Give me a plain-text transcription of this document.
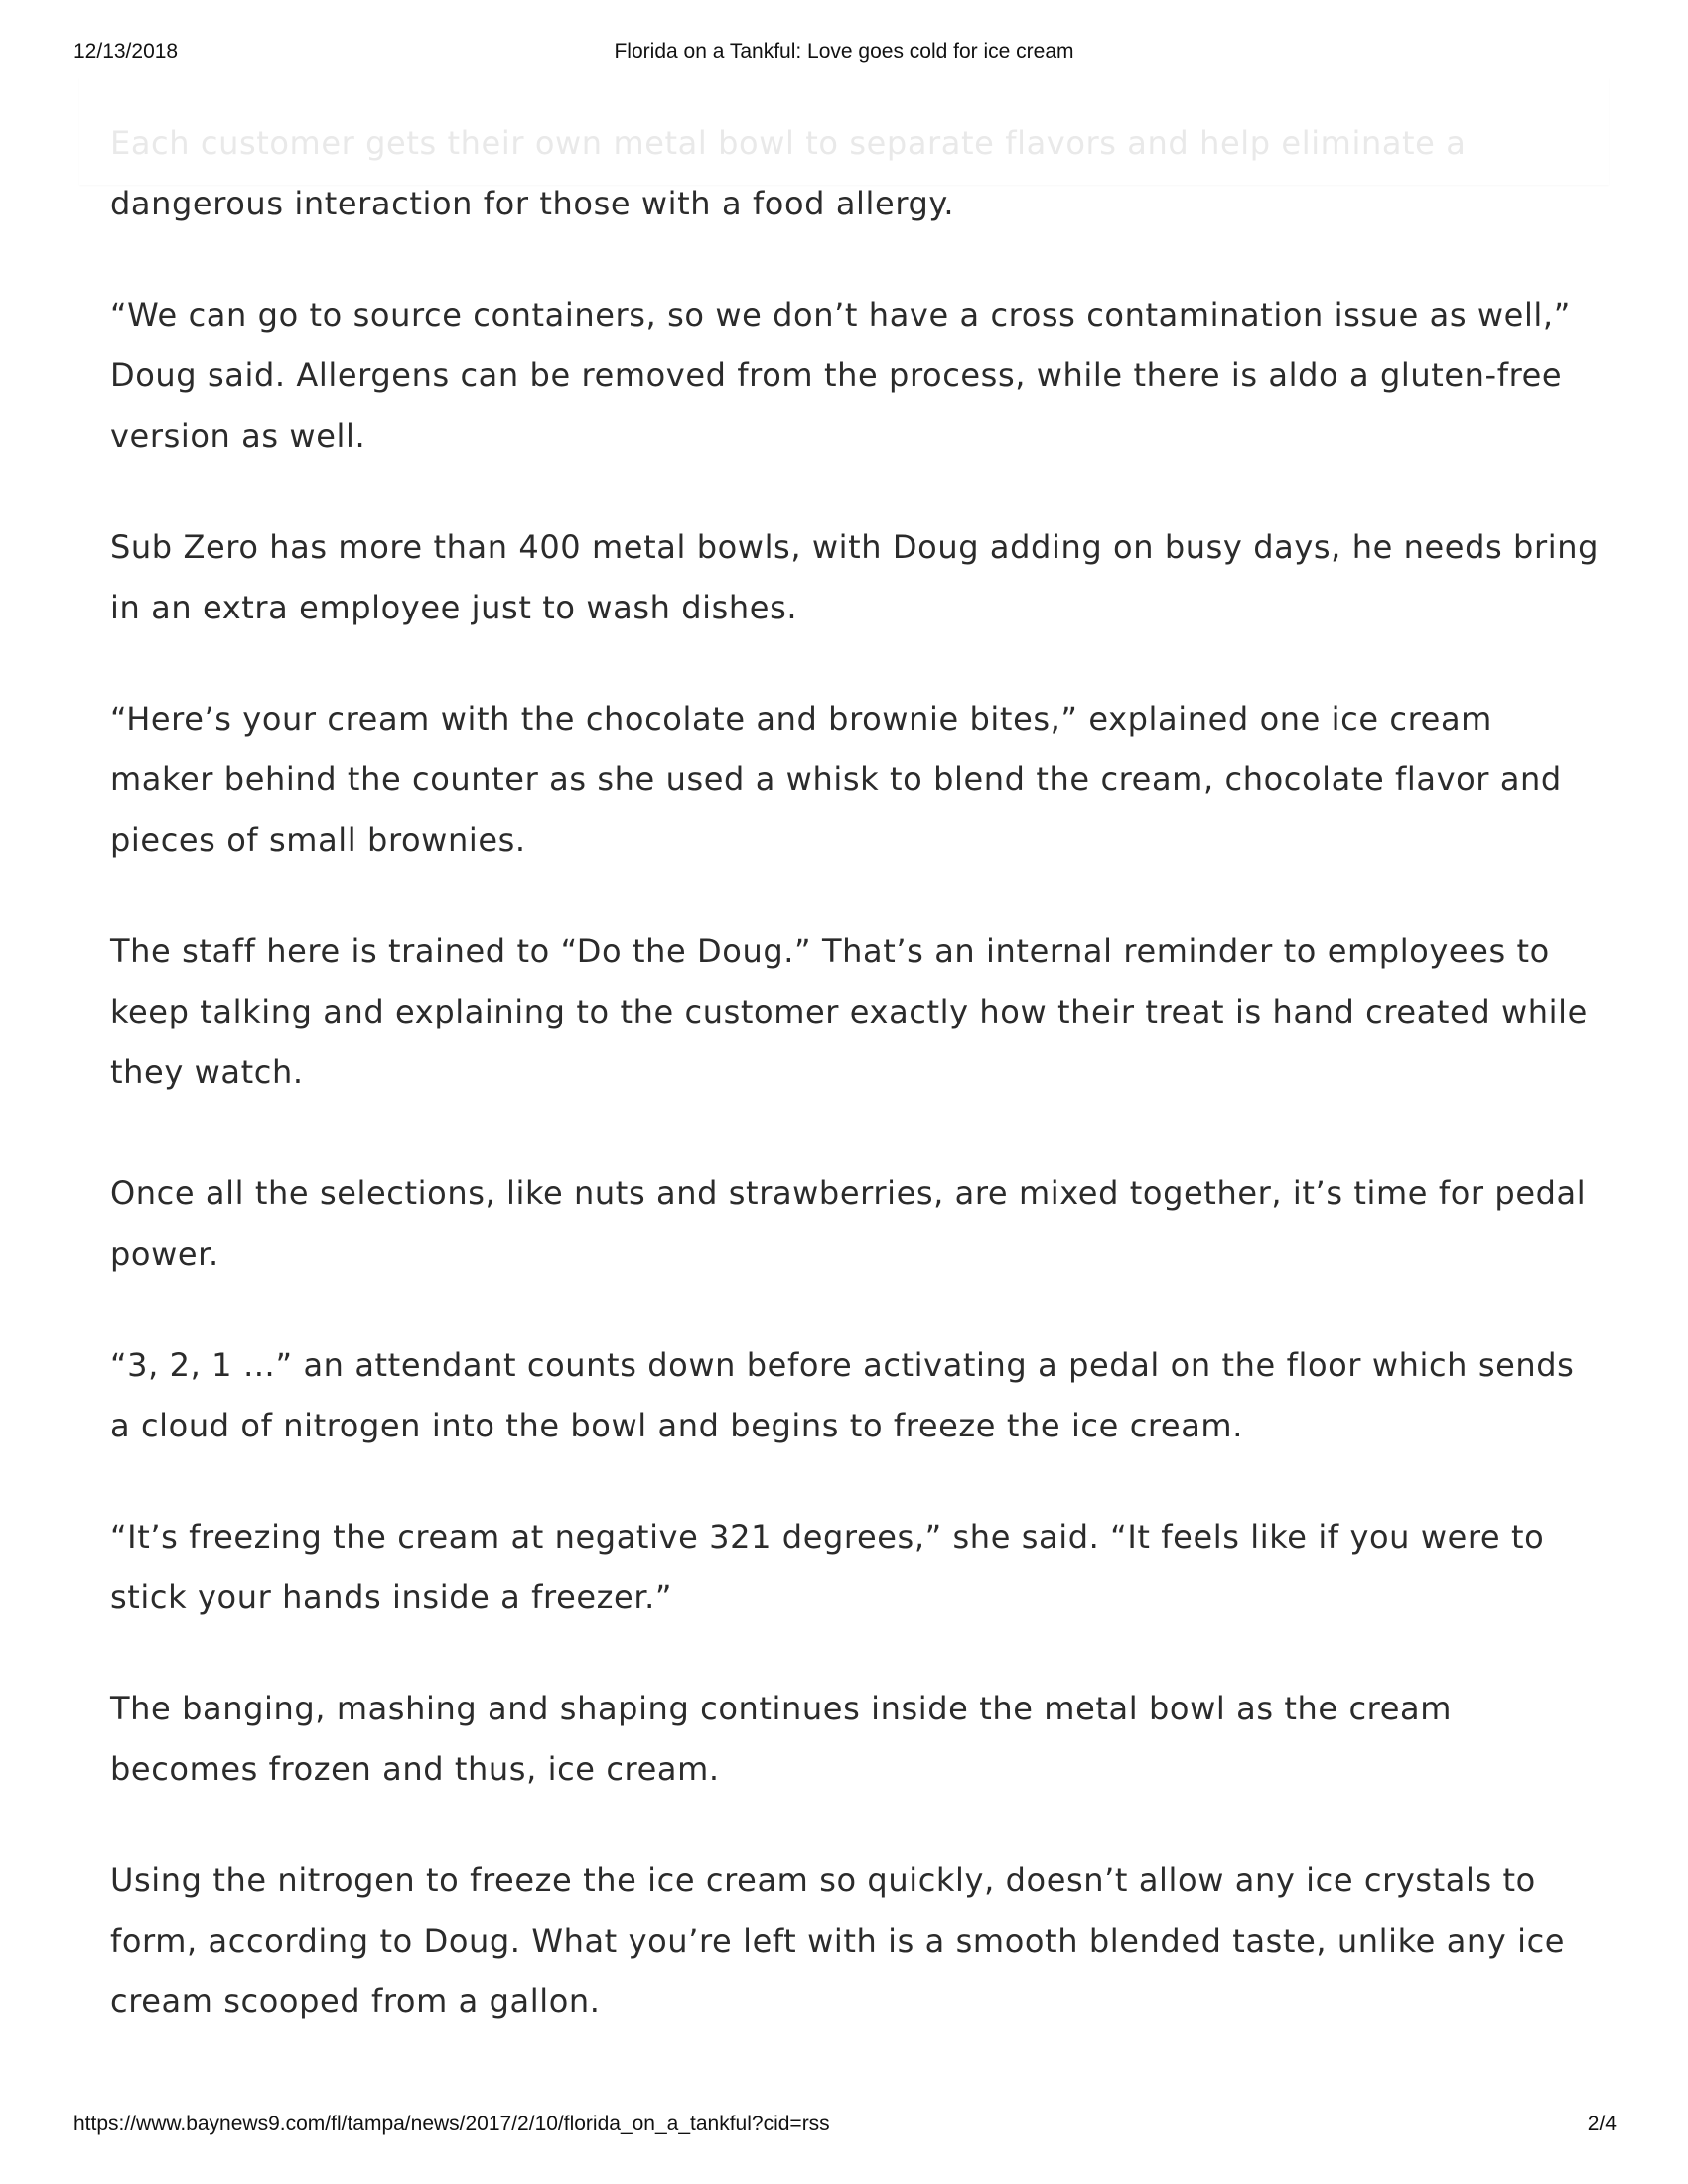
12/13/2018	Florida on a Tankful: Love goes cold for ice cream

dangerous interaction for those with a food allergy.

“We can go to source containers, so we don’t have a cross contamination issue as well,” Doug said. Allergens can be removed from the process, while there is aldo a gluten-free version as well.

Sub Zero has more than 400 metal bowls, with Doug adding on busy days, he needs bring in an extra employee just to wash dishes.

“Here’s your cream with the chocolate and brownie bites,” explained one ice cream maker behind the counter as she used a whisk to blend the cream, chocolate flavor and pieces of small brownies.

The staff here is trained to “Do the Doug.” That’s an internal reminder to employees to keep talking and explaining to the customer exactly how their treat is hand created while they watch.

Once all the selections, like nuts and strawberries, are mixed together, it’s time for pedal power.

“3, 2, 1 …” an attendant counts down before activating a pedal on the floor which sends a cloud of nitrogen into the bowl and begins to freeze the ice cream.

“It’s freezing the cream at negative 321 degrees,” she said. “It feels like if you were to stick your hands inside a freezer.”

The banging, mashing and shaping continues inside the metal bowl as the cream becomes frozen and thus, ice cream.

Using the nitrogen to freeze the ice cream so quickly, doesn’t allow any ice crystals to form, according to Doug. What you’re left with is a smooth blended taste, unlike any ice cream scooped from a gallon.

Each customer gets their own metal bowl to separate flavors and help eliminate a
https://www.baynews9.com/fl/tampa/news/2017/2/10/florida_on_a_tankful?cid=rss	2/4
